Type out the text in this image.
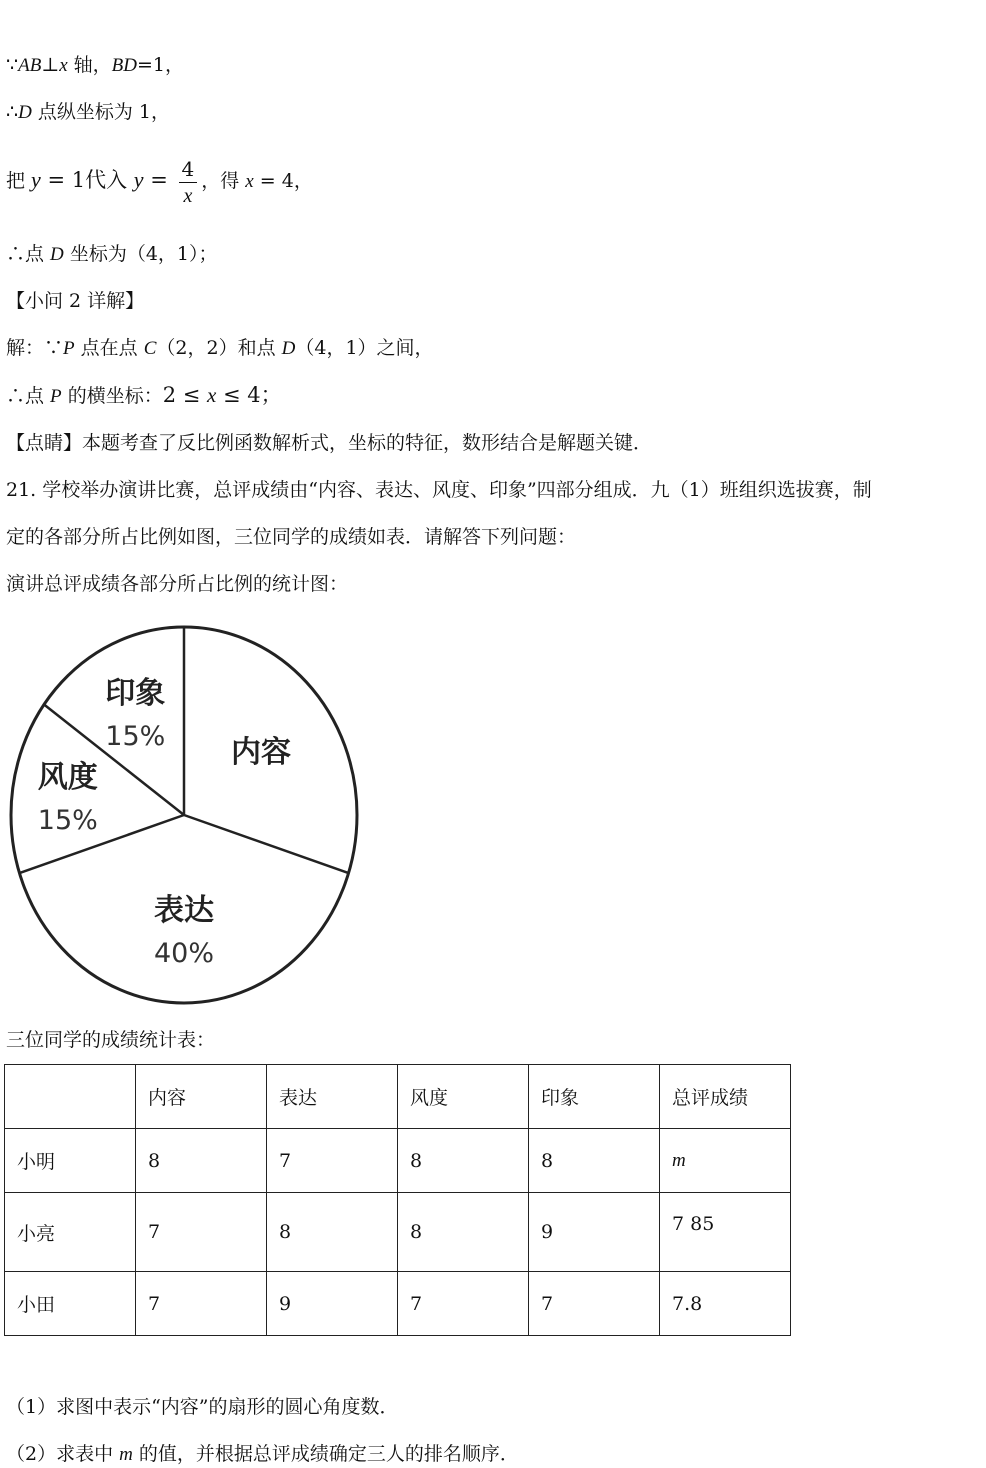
∵AB⊥x 轴，BD=1，
∴D 点纵坐标为 1，
把 y = 1代入 $y = \frac{4}{x}$ ，得 x = 4，
∴点 D 坐标为（4，1）；
【小问 2 详解】
解：∵P 点在点 C（2，2）和点 D（4，1）之间，
∴点 P 的横坐标：2 ≤ x ≤ 4；
【点睛】本题考查了反比例函数解析式，坐标的特征，数形结合是解题关键．
21. 学校举办演讲比赛，总评成绩由“内容、表达、风度、印象”四部分组成．九（1）班组织选拔赛，制
定的各部分所占比例如图，三位同学的成绩如表．请解答下列问题：
演讲总评成绩各部分所占比例的统计图：
印象
15% 内容
表达
40%
风度
15%
三位同学的成绩统计表：
	内容	表达	风度	印象	总评成绩
小明	8	7	8	8	m
小亮	7	8	8	9	7 85
小田	7	9	7	7	7.8
（1）求图中表示“内容”的扇形的圆心角度数．
（2）求表中 m 的值，并根据总评成绩确定三人的排名顺序．
